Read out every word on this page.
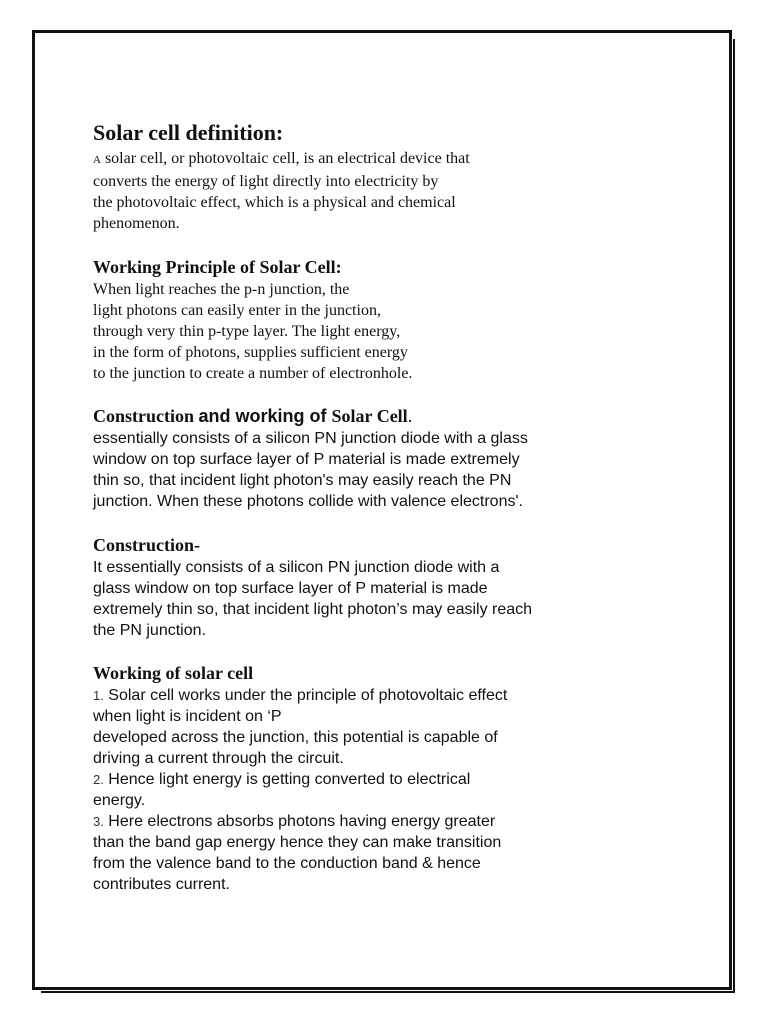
Solar cell definition:
A solar cell, or photovoltaic cell, is an electrical device that
converts the energy of light directly into electricity by
the photovoltaic effect, which is a physical and chemical
phenomenon.
Working Principle of Solar Cell:
When light reaches the p-n junction, the
light photons can easily enter in the junction,
through very thin p-type layer. The light energy,
in the form of photons, supplies sufficient energy
to the junction to create a number of electronhole.
Construction and working of Solar Cell.
essentially consists of a silicon PN junction diode with a glass
window on top surface layer of P material is made extremely
thin so, that incident light photon's may easily reach the PN
junction. When these photons collide with valence electrons'.
Construction-
It essentially consists of a silicon PN junction diode with a
glass window on top surface layer of P material is made
extremely thin so, that incident light photon’s may easily reach
the PN junction.
Working of solar cell
1. Solar cell works under the principle of photovoltaic effect
when light is incident on ‘P
developed across the junction, this potential is capable of
driving a current through the circuit.
2. Hence light energy is getting converted to electrical
energy.
3. Here electrons absorbs photons having energy greater
than the band gap energy hence they can make transition
from the valence band to the conduction band & hence
contributes current.
